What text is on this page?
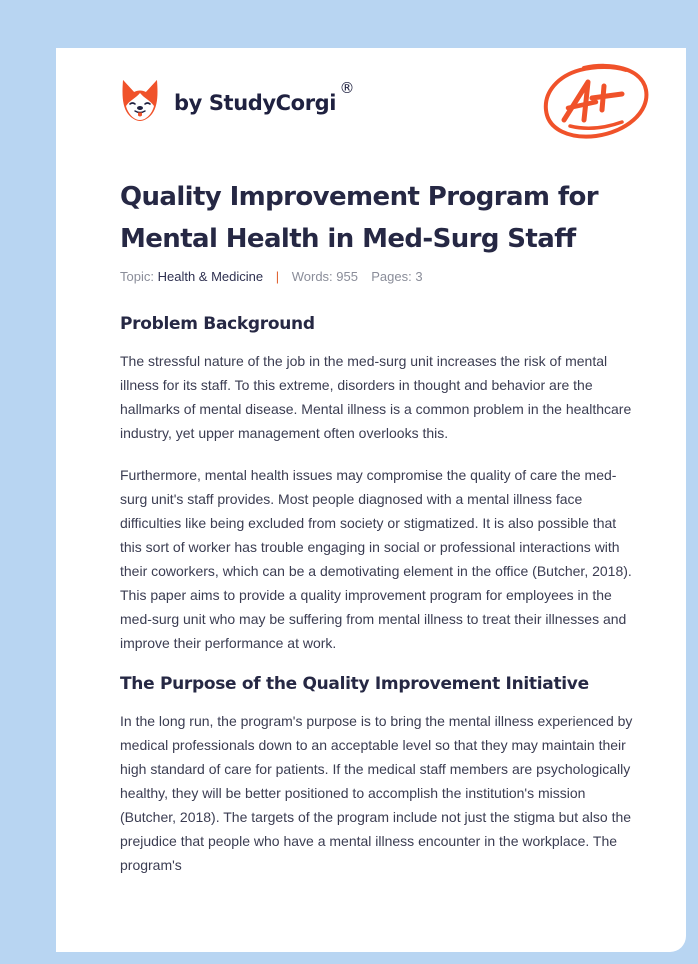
by StudyCorgi
®
Quality Improvement Program for Mental Health in Med-Surg Staff
Topic: Health & Medicine | Words: 955 Pages: 3
Problem Background

The stressful nature of the job in the med-surg unit increases the risk of mental illness for its staff. To this extreme, disorders in thought and behavior are the hallmarks of mental disease. Mental illness is a common problem in the healthcare industry, yet upper management often overlooks this.

Furthermore, mental health issues may compromise the quality of care the med-surg unit's staff provides. Most people diagnosed with a mental illness face difficulties like being excluded from society or stigmatized. It is also possible that this sort of worker has trouble engaging in social or professional interactions with their coworkers, which can be a demotivating element in the office (Butcher, 2018). This paper aims to provide a quality improvement program for employees in the med-surg unit who may be suffering from mental illness to treat their illnesses and improve their performance at work.

The Purpose of the Quality Improvement Initiative

In the long run, the program's purpose is to bring the mental illness experienced by medical professionals down to an acceptable level so that they may maintain their high standard of care for patients. If the medical staff members are psychologically healthy, they will be better positioned to accomplish the institution's mission (Butcher, 2018). The targets of the program include not just the stigma but also the prejudice that people who have a mental illness encounter in the workplace. The program's
